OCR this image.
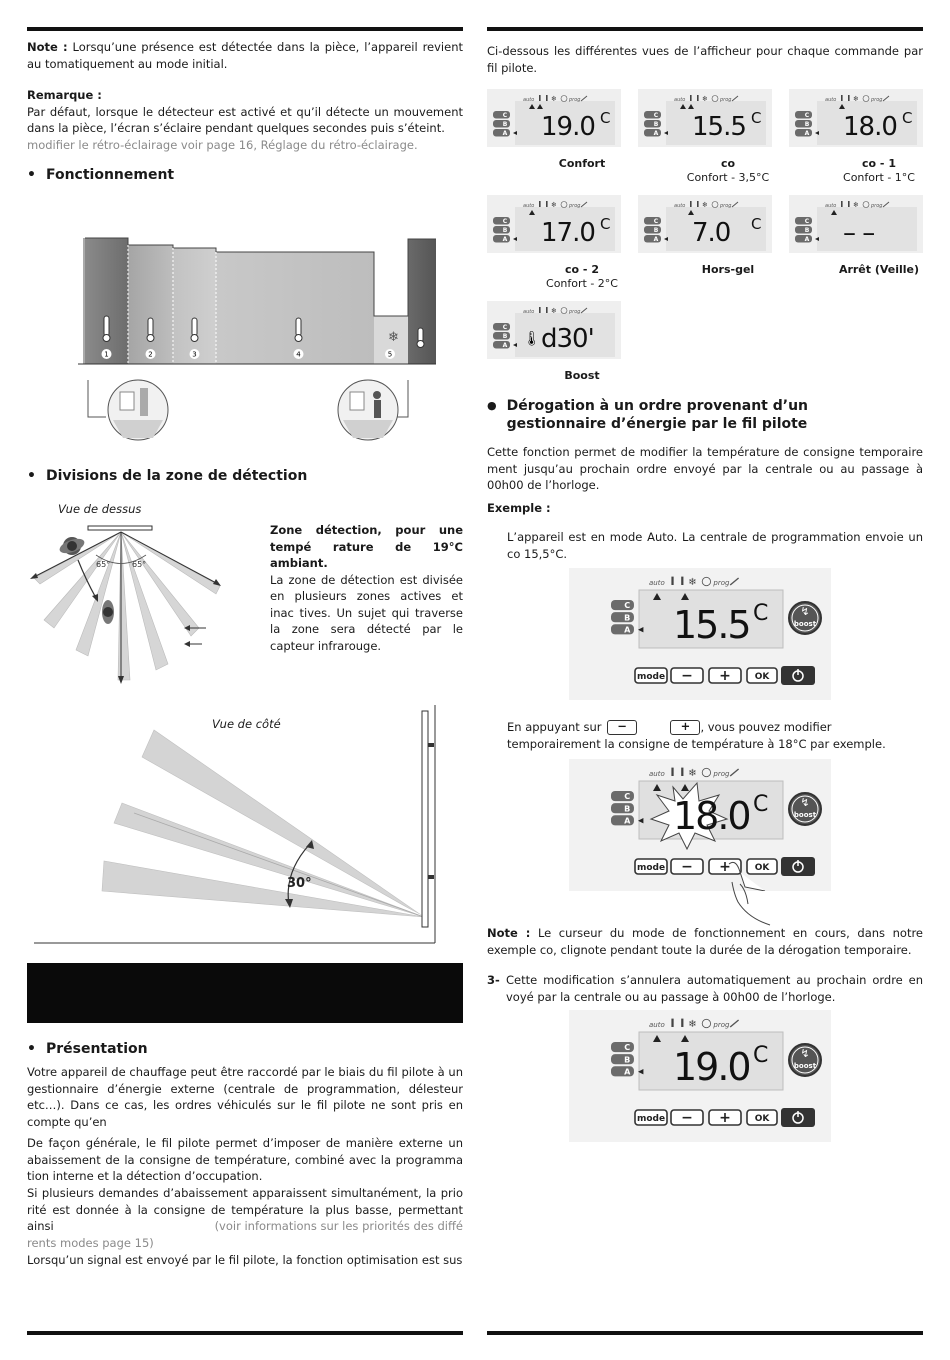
Note : Lorsqu’une présence est détectée dans la pièce, l’appareil revient au tomatiquement au mode initial.
Remarque :
Par défaut, lorsque le détecteur est activé et qu’il détecte un mouvement dans la pièce, l’écran s’éclaire pendant quelques secondes puis s’éteint.
modifier le rétro-éclairage voir page 16, Réglage du rétro-éclairage.
• Fonctionnement
❄
1	2	3	4	5
• Divisions de la zone de détection
Vue de dessus
65°	65°
Zone détection, pour une tempé rature de 19°C ambiant.
La zone de détection est divisée en plusieurs zones actives et inac tives. Un sujet qui traverse la zone sera détecté par le capteur infrarouge.
Vue de côté
30°
• Présentation
Votre appareil de chauffage peut être raccordé par le biais du fil pilote à un gestionnaire d’énergie externe (centrale de programmation, délesteur etc…). Dans ce cas, les ordres véhiculés sur le fil pilote ne sont pris en compte qu’en
De façon générale, le fil pilote permet d’imposer de manière externe un abaissement de la consigne de température, combiné avec la programma tion interne et la détection d’occupation.
Si plusieurs demandes d’abaissement apparaissent simultanément, la prio rité est donnée à la consigne de température la plus basse, permettant ainsi	(voir informations sur les priorités des diffé
rents modes page 15)
Lorsqu’un signal est envoyé par le fil pilote, la fonction optimisation est sus
Ci-dessous les différentes vues de l’afficheur pour chaque commande par fil pilote.
auto ❄ prog
C
B
A 19.0 C
Confort
auto ❄ prog
C
B
A 15.5 C
co
Confort - 3,5°C
auto ❄ prog
C
B
A 18.0 C
co - 1
Confort - 1°C
auto ❄ prog
C
B
A 17.0 C
co - 2
Confort - 2°C
auto ❄ prog
C
B
A 7.0 C
Hors-gel
auto ❄ prog
C
B
A – –
Arrêt (Veille)
auto ❄ prog
C
B
A 🌡 d30'
Boost
● Dérogation à un ordre provenant d’un gestionnaire d’énergie par le fil pilote
Cette fonction permet de modifier la température de consigne temporaire ment jusqu’au prochain ordre envoyé par la centrale ou au passage à 00h00 de l’horloge.
Exemple :
L’appareil est en mode Auto. La centrale de programmation envoie un co 15,5°C.
auto ❄ prog
C
B
A 15.5 C	↯
boost
mode − +	OK
auto ❄ prog
C
B
A 18.0 C	↯
boost
mode − +	OK
auto ❄ prog
C
B
A 19.0 C	↯
boost
mode − +	OK
En appuyant sur −	+ , vous pouvez modifier temporairement la consigne de température à 18°C par exemple.
Note : Le curseur du mode de fonctionnement en cours, dans notre exemple co, clignote pendant toute la durée de la dérogation temporaire.
3- Cette modification s’annulera automatiquement au prochain ordre en voyé par la centrale ou au passage à 00h00 de l’horloge.
